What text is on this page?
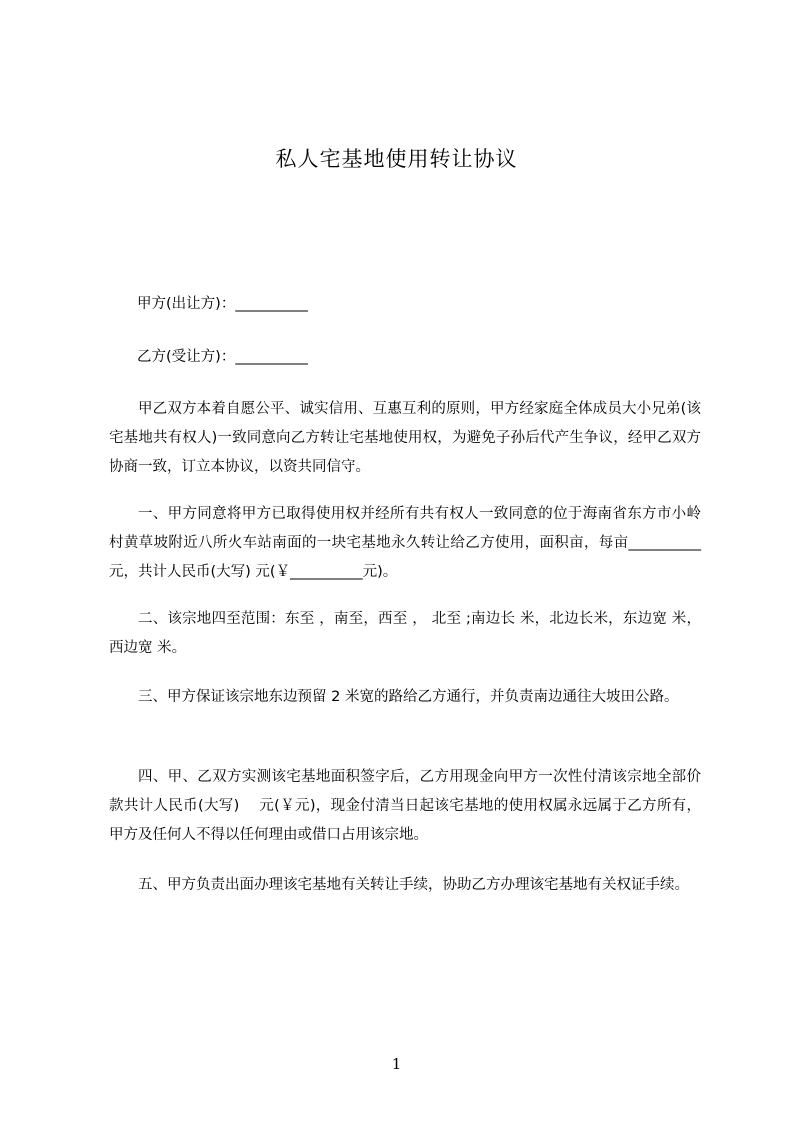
私人宅基地使用转让协议
甲方(出让方)：__________
乙方(受让方)：__________
甲乙双方本着自愿公平、诚实信用、互惠互利的原则，甲方经家庭全体成员大小兄弟(该宅基地共有权人)一致同意向乙方转让宅基地使用权，为避免子孙后代产生争议，经甲乙双方协商一致，订立本协议，以资共同信守。
一、甲方同意将甲方已取得使用权并经所有共有权人一致同意的位于海南省东方市小岭村黄草坡附近八所火车站南面的一块宅基地永久转让给乙方使用，面积亩，每亩__________元，共计人民币(大写) 元(￥__________元)。
二、该宗地四至范围：东至 ，南至，西至 ， 北至 ;南边长 米，北边长米，东边宽 米，西边宽 米。
三、甲方保证该宗地东边预留 2 米宽的路给乙方通行，并负责南边通往大坡田公路。
四、甲、乙双方实测该宅基地面积签字后，乙方用现金向甲方一次性付清该宗地全部价款共计人民币(大写)　 元(￥元)，现金付清当日起该宅基地的使用权属永远属于乙方所有，甲方及任何人不得以任何理由或借口占用该宗地。
五、甲方负责出面办理该宅基地有关转让手续，协助乙方办理该宅基地有关权证手续。
1
